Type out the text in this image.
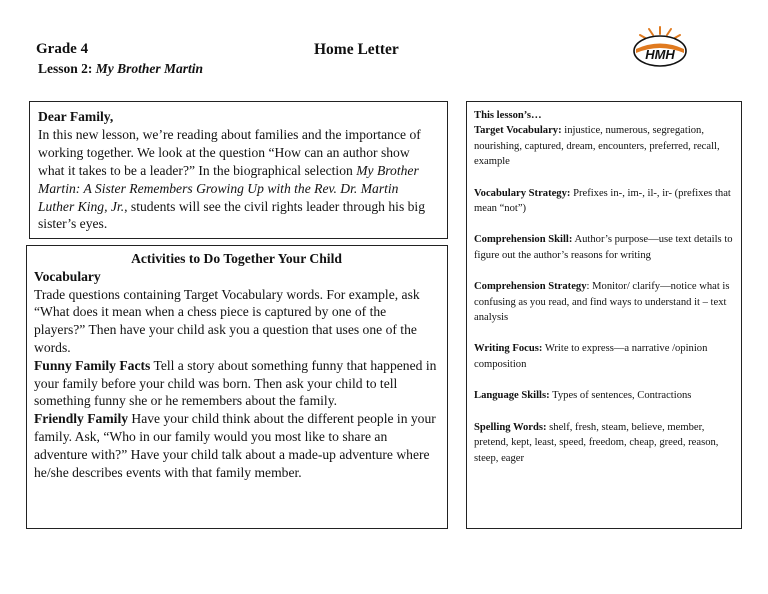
Grade 4
Lesson 2: My Brother Martin
Home Letter	HMH
Dear Family,
In this new lesson, we’re reading about families and the importance of working together. We look at the question “How can an author show what it takes to be a leader?” In the biographical selection My Brother Martin: A Sister Remembers Growing Up with the Rev. Dr. Martin Luther King, Jr., students will see the civil rights leader through his big sister’s eyes.
Activities to Do Together Your Child
Vocabulary
Trade questions containing Target Vocabulary words. For example, ask “What does it mean when a chess piece is captured by one of the players?” Then have your child ask you a question that uses one of the words.
Funny Family Facts Tell a story about something funny that happened in your family before your child was born. Then ask your child to tell something funny she or he remembers about the family.
Friendly Family Have your child think about the different people in your family. Ask, “Who in our family would you most like to share an adventure with?” Have your child talk about a made-up adventure where he/she describes events with that family member.
This lesson’s…
Target Vocabulary: injustice, numerous, segregation, nourishing, captured, dream, encounters, preferred, recall, example
Vocabulary Strategy: Prefixes in-, im-, il-, ir- (prefixes that mean “not”)
Comprehension Skill: Author’s purpose—use text details to figure out the author’s reasons for writing
Comprehension Strategy: Monitor/ clarify—notice what is confusing as you read, and find ways to understand it – text analysis
Writing Focus: Write to express—a narrative /opinion composition
Language Skills: Types of sentences, Contractions
Spelling Words: shelf, fresh, steam, believe, member, pretend, kept, least, speed, freedom, cheap, greed, reason, steep, eager
